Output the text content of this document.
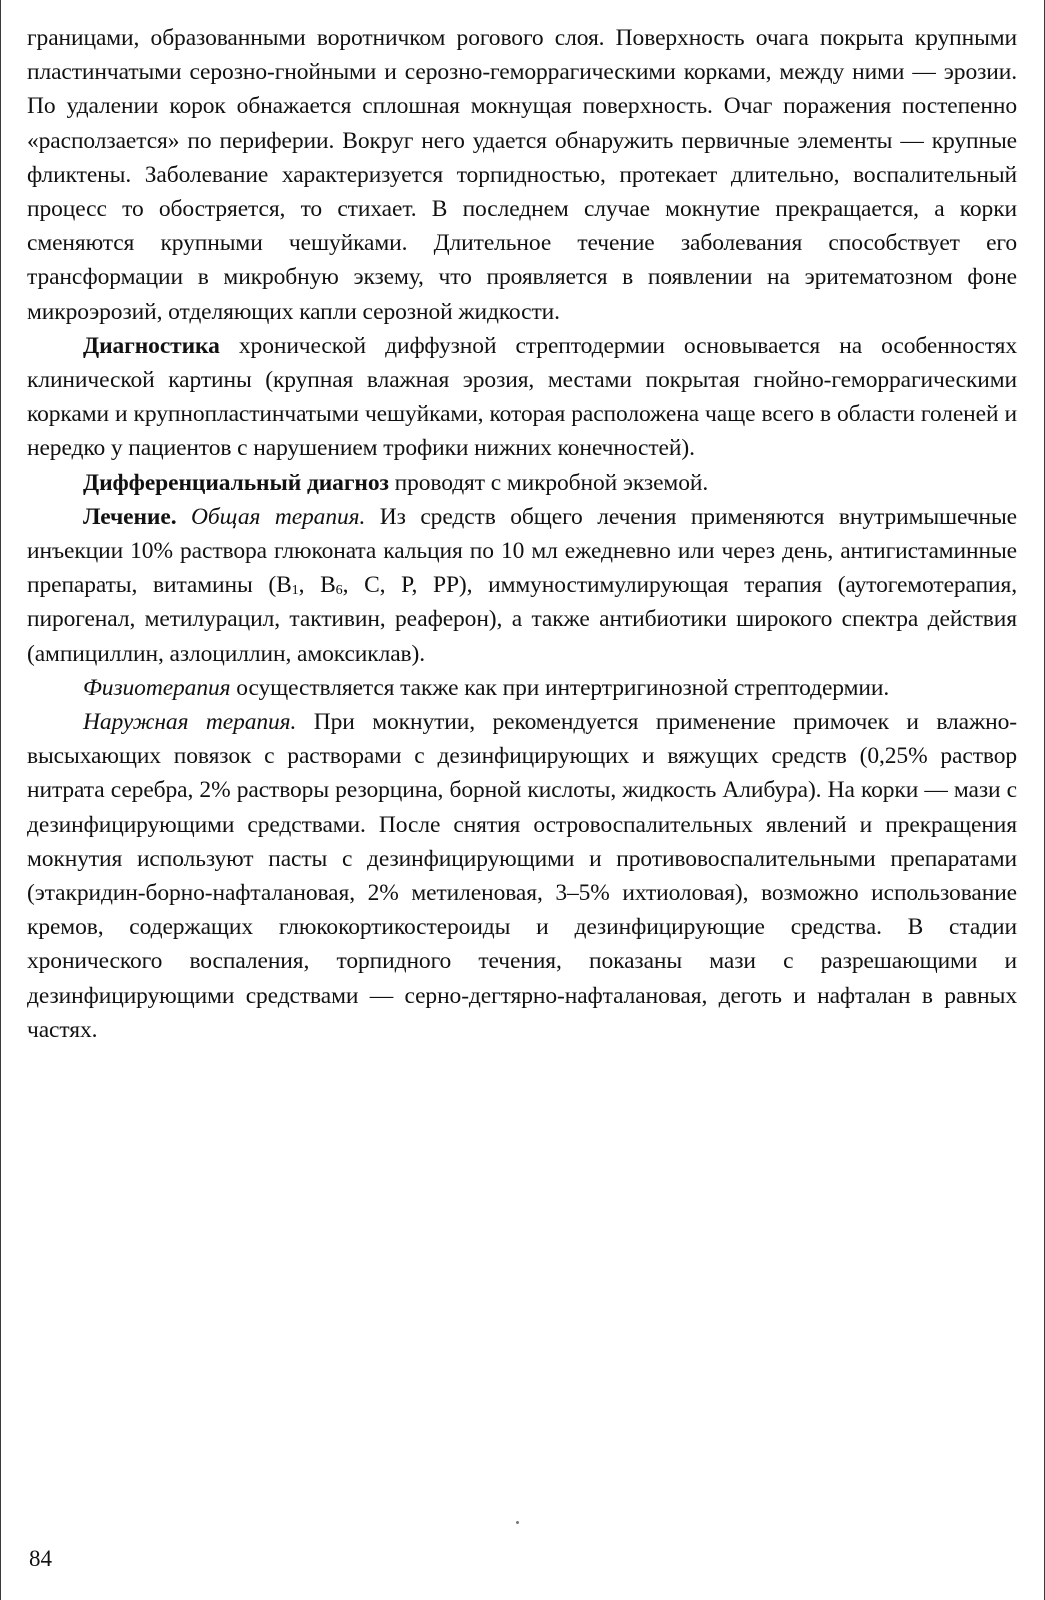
границами, образованными воротничком рогового слоя. Поверхность очага покрыта крупными пластинчатыми серозно-гнойными и серозно-геморрагическими корками, между ними — эрозии. По удалении корок обнажается сплошная мокнущая поверхность. Очаг поражения постепенно «расползается» по периферии. Вокруг него удается обнаружить первичные элементы — крупные фликтены. Заболевание характеризуется торпидностью, протекает длительно, воспалительный процесс то обостряется, то стихает. В последнем случае мокнутие прекращается, а корки сменяются крупными чешуйками. Длительное течение заболевания способствует его трансформации в микробную экзему, что проявляется в появлении на эритематозном фоне микроэрозий, отделяющих капли серозной жидкости.

Диагностика хронической диффузной стрептодермии основывается на особенностях клинической картины (крупная влажная эрозия, местами покрытая гнойно-геморрагическими корками и крупнопластинчатыми чешуйками, которая расположена чаще всего в области голеней и нередко у пациентов с нарушением трофики нижних конечностей).

Дифференциальный диагноз проводят с микробной экземой.

Лечение. Общая терапия. Из средств общего лечения применяются внутримышечные инъекции 10% раствора глюконата кальция по 10 мл ежедневно или через день, антигистаминные препараты, витамины ($B_1$, $B_6$, C, P, PP), иммуностимулирующая терапия (аутогемотерапия, пирогенал, метилурацил, тактивин, реаферон), а также антибиотики широкого спектра действия (ампициллин, азлоциллин, амоксиклав).

Физиотерапия осуществляется также как при интертригинозной стрептодермии.

Наружная терапия. При мокнутии, рекомендуется применение примочек и влажно-высыхающих повязок с растворами с дезинфицирующих и вяжущих средств (0,25% раствор нитрата серебра, 2% растворы резорцина, борной кислоты, жидкость Алибура). На корки — мази с дезинфицирующими средствами. После снятия островоспалительных явлений и прекращения мокнутия используют пасты с дезинфицирующими и противовоспалительными препаратами (этакридин-борно-нафталановая, 2% метиленовая, 3–5% ихтиоловая), возможно использование кремов, содержащих глюкокортикостероиды и дезинфицирующие средства. В стадии хронического воспаления, торпидного течения, показаны мази с разрешающими и дезинфицирующими средствами — серно-дегтярно-нафталановая, деготь и нафталан в равных частях.

84
